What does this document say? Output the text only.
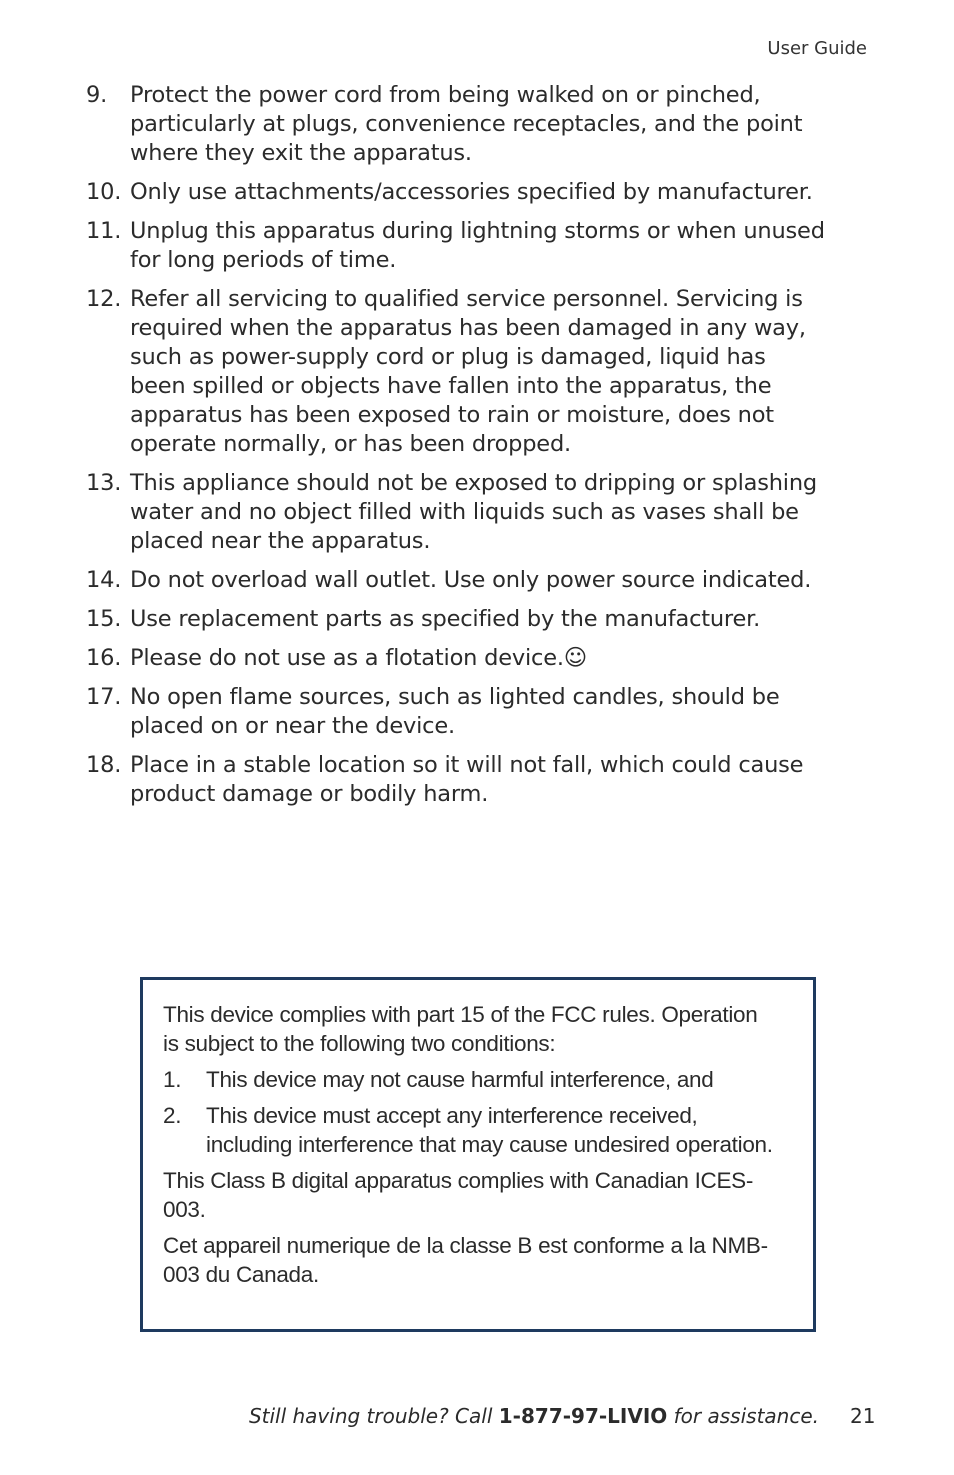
User Guide
9.	Protect the power cord from being walked on or pinched, particularly at plugs, convenience receptacles, and the point where they exit the apparatus.
10. Only use attachments/accessories specified by manufacturer.
11. Unplug this apparatus during lightning storms or when unused for long periods of time.
12. Refer all servicing to qualified service personnel. Servicing is required when the apparatus has been damaged in any way, such as power-supply cord or plug is damaged, liquid has been spilled or objects have fallen into the apparatus, the apparatus has been exposed to rain or moisture, does not operate normally, or has been dropped.
13. This appliance should not be exposed to dripping or splashing water and no object filled with liquids such as vases shall be placed near the apparatus.
14. Do not overload wall outlet. Use only power source indicated.
15. Use replacement parts as specified by the manufacturer.
16. Please do not use as a flotation device.☺
17. No open flame sources, such as lighted candles, should be placed on or near the device.
18. Place in a stable location so it will not fall, which could cause product damage or bodily harm.

This device complies with part 15 of the FCC rules. Operation is subject to the following two conditions:

1.	This device may not cause harmful interference, and
2.	This device must accept any interference received, including interference that may cause undesired operation.

This Class B digital apparatus complies with Canadian ICES-003.

Cet appareil numerique de la classe B est conforme a la NMB-003 du Canada.

Still having trouble? Call 1-877-97-LIVIO for assistance. 21
